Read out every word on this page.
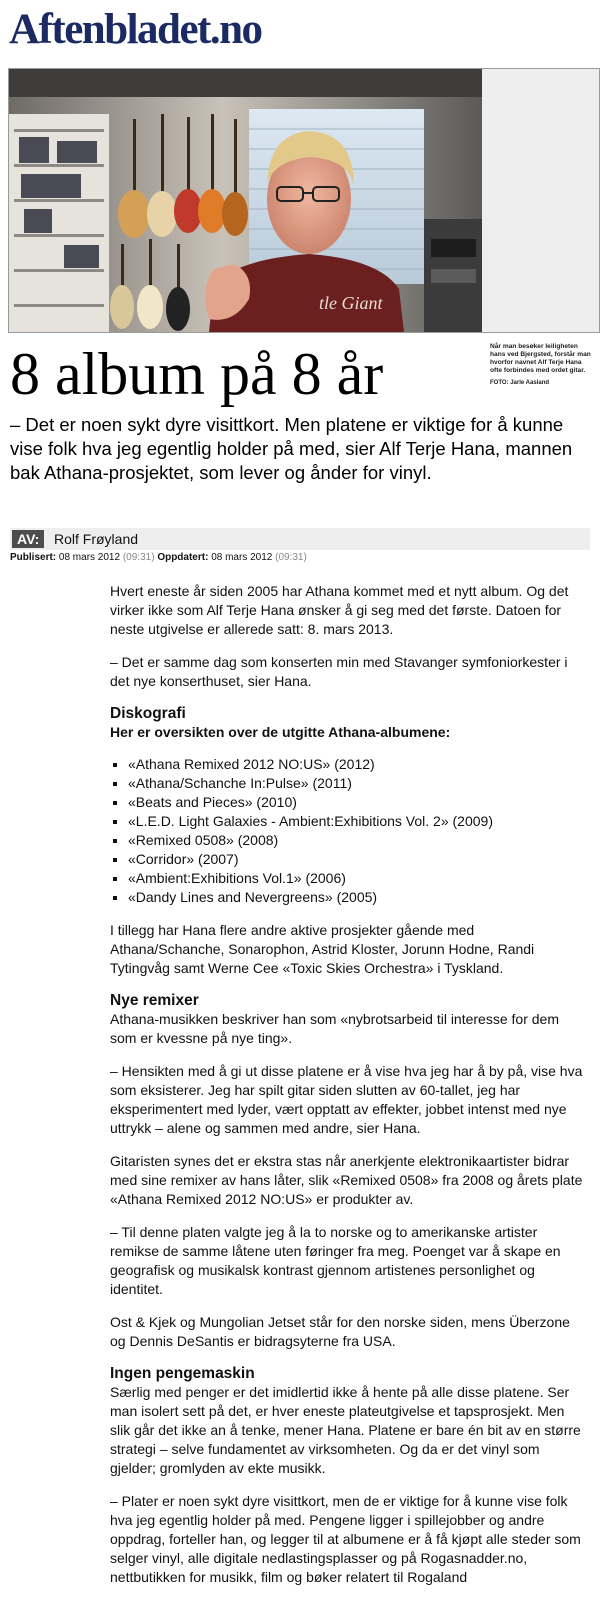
Aftenbladet.no
tle Giant
Når man besøker leiligheten hans ved Bjergsted, forstår man hvorfor navnet Alf Terje Hana ofte forbindes med ordet gitar.
FOTO: Jarle Aasland
8 album på 8 år

– Det er noen sykt dyre visittkort. Men platene er viktige for å kunne vise folk hva jeg egentlig holder på med, sier Alf Terje Hana, mannen bak Athana-prosjektet, som lever og ånder for vinyl.

AV:	Rolf Frøyland
Publisert: 08 mars 2012 (09:31) Oppdatert: 08 mars 2012 (09:31)

Hvert eneste år siden 2005 har Athana kommet med et nytt album. Og det virker ikke som Alf Terje Hana ønsker å gi seg med det første. Datoen for neste utgivelse er allerede satt: 8. mars 2013.

– Det er samme dag som konserten min med Stavanger symfoniorkester i det nye konserthuset, sier Hana.

Diskografi
Her er oversikten over de utgitte Athana-albumene:
▪ «Athana Remixed 2012 NO:US» (2012)
▪ «Athana/Schanche In:Pulse» (2011)
▪ «Beats and Pieces» (2010)
▪ «L.E.D. Light Galaxies - Ambient:Exhibitions Vol. 2» (2009)
▪ «Remixed 0508» (2008)
▪ «Corridor» (2007)
▪ «Ambient:Exhibitions Vol.1» (2006)
▪ «Dandy Lines and Nevergreens» (2005)

I tillegg har Hana flere andre aktive prosjekter gående med Athana/Schanche, Sonarophon, Astrid Kloster, Jorunn Hodne, Randi Tytingvåg samt Werne Cee «Toxic Skies Orchestra» i Tyskland.

Nye remixer

Athana-musikken beskriver han som «nybrotsarbeid til interesse for dem som er kvessne på nye ting».

– Hensikten med å gi ut disse platene er å vise hva jeg har å by på, vise hva som eksisterer. Jeg har spilt gitar siden slutten av 60-tallet, jeg har eksperimentert med lyder, vært opptatt av effekter, jobbet intenst med nye uttrykk – alene og sammen med andre, sier Hana.

Gitaristen synes det er ekstra stas når anerkjente elektronikaartister bidrar med sine remixer av hans låter, slik «Remixed 0508» fra 2008 og årets plate «Athana Remixed 2012 NO:US» er produkter av.

– Til denne platen valgte jeg å la to norske og to amerikanske artister remikse de samme låtene uten føringer fra meg. Poenget var å skape en geografisk og musikalsk kontrast gjennom artistenes personlighet og identitet.

Ost & Kjek og Mungolian Jetset står for den norske siden, mens Überzone og Dennis DeSantis er bidragsyterne fra USA.

Ingen pengemaskin

Særlig med penger er det imidlertid ikke å hente på alle disse platene. Ser man isolert sett på det, er hver eneste plateutgivelse et tapsprosjekt. Men slik går det ikke an å tenke, mener Hana. Platene er bare én bit av en større strategi – selve fundamentet av virksomheten. Og da er det vinyl som gjelder; gromlyden av ekte musikk.

– Plater er noen sykt dyre visittkort, men de er viktige for å kunne vise folk hva jeg egentlig holder på med. Pengene ligger i spillejobber og andre oppdrag, forteller han, og legger til at albumene er å få kjøpt alle steder som selger vinyl, alle digitale nedlastingsplasser og på Rogasnadder.no, nettbutikken for musikk, film og bøker relatert til Rogaland
